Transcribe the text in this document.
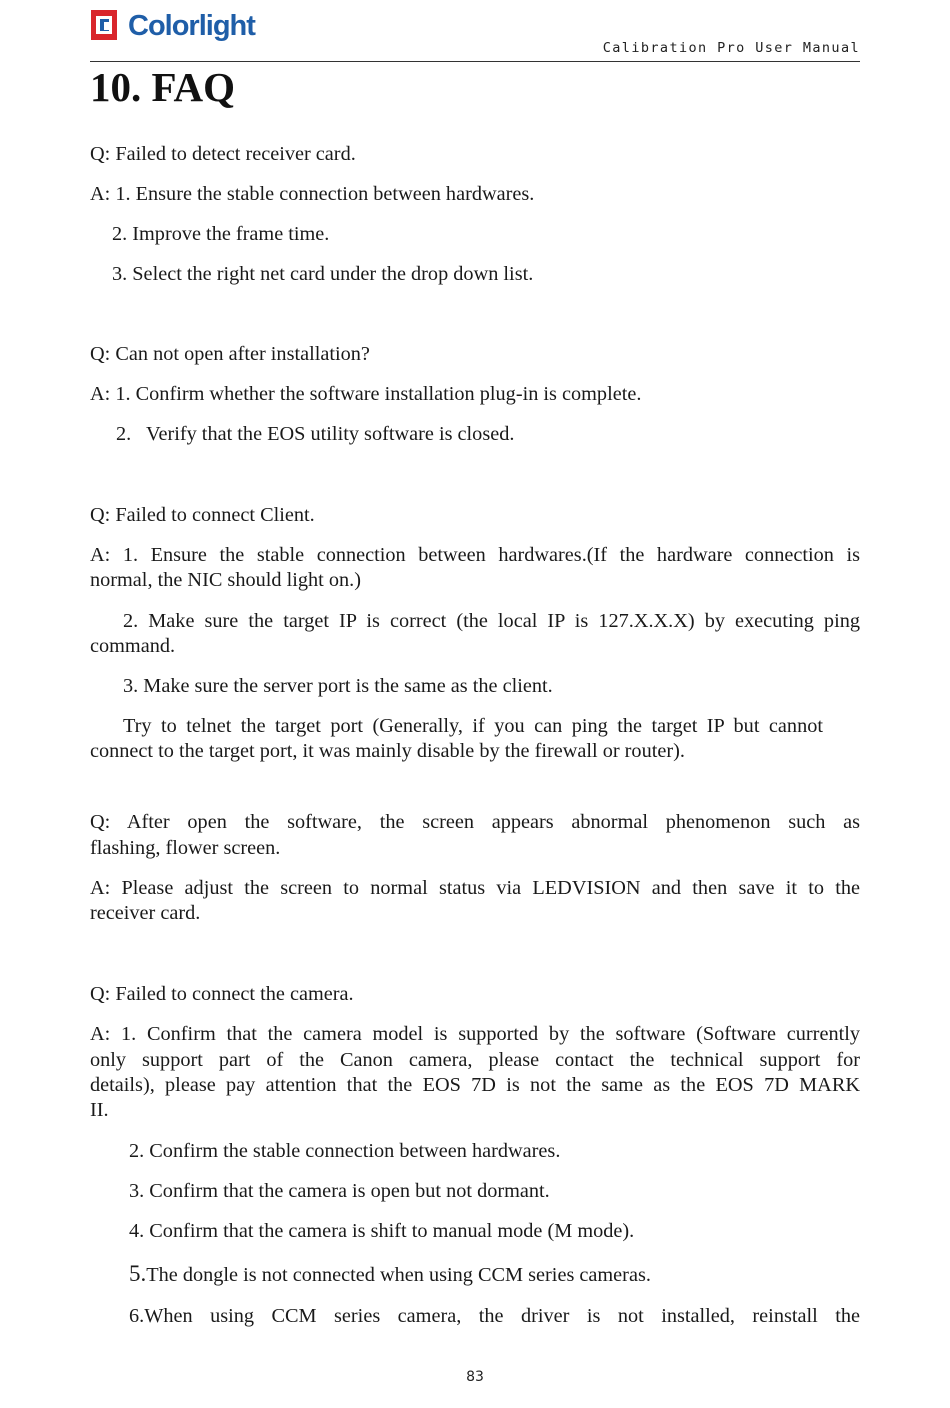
Colorlight
Calibration Pro User Manual
10. FAQ
Q: Failed to detect receiver card.
A: 1. Ensure the stable connection between hardwares.
2. Improve the frame time.
3. Select the right net card under the drop down list.
Q: Can not open after installation?
A: 1. Confirm whether the software installation plug-in is complete.
2.   Verify that the EOS utility software is closed.
Q: Failed to connect Client.
A: 1. Ensure the stable connection between hardwares.(If the hardware connection is
normal, the NIC should light on.)
2. Make sure the target IP is correct (the local IP is 127.X.X.X) by executing ping
command.
3. Make sure the server port is the same as the client.
Try to telnet the target port (Generally, if you can ping the target IP but cannot
connect to the target port, it was mainly disable by the firewall or router).
Q: After open the software, the screen appears abnormal phenomenon such as
flashing, flower screen.
A: Please adjust the screen to normal status via LEDVISION and then save it to the
receiver card.
Q: Failed to connect the camera.
A: 1. Confirm that the camera model is supported by the software (Software currently
only support part of the Canon camera, please contact the technical support for
details), please pay attention that the EOS 7D is not the same as the EOS 7D MARK
II.
2. Confirm the stable connection between hardwares.
3. Confirm that the camera is open but not dormant.
4. Confirm that the camera is shift to manual mode (M mode).
5.The dongle is not connected when using CCM series cameras.
6.When using CCM series camera, the driver is not installed, reinstall the
83
